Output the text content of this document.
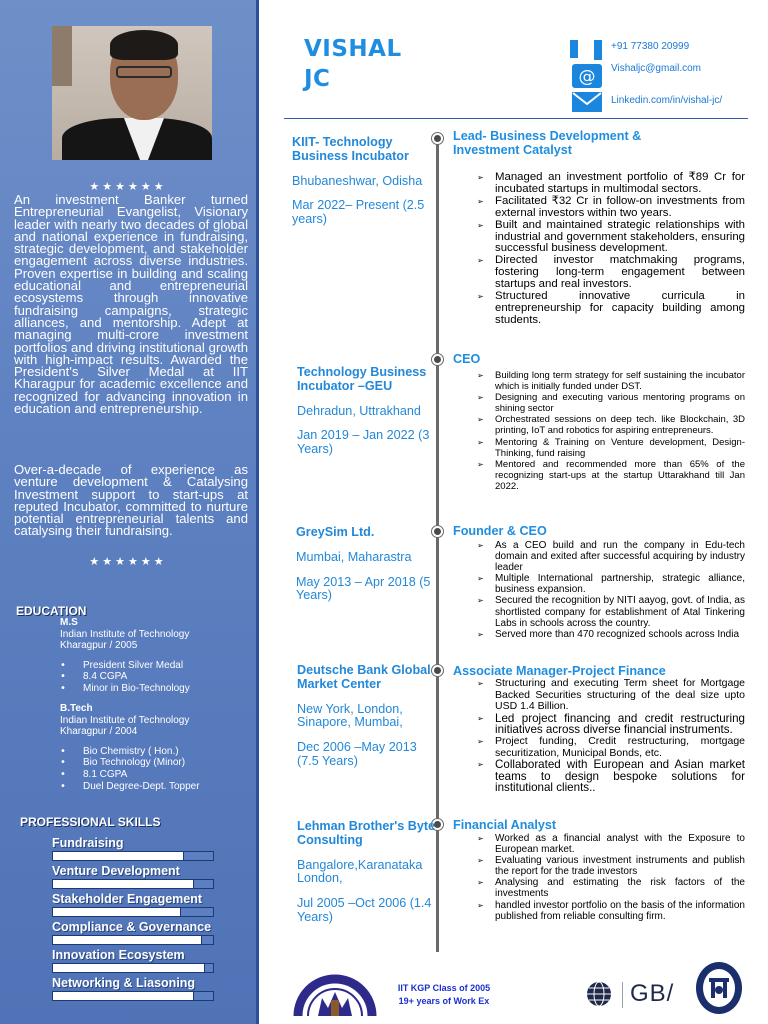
★★★★★★

An investment Banker turned Entrepreneurial Evangelist, Visionary leader with nearly two decades of global and national experience in fundraising, strategic development, and stakeholder engagement across diverse industries. Proven expertise in building and scaling educational and entrepreneurial ecosystems through innovative fundraising campaigns, strategic alliances, and mentorship. Adept at managing multi-crore investment portfolios and driving institutional growth with high-impact results. Awarded the President's Silver Medal at IIT Kharagpur for academic excellence and recognized for advancing innovation in education and entrepreneurship.

Over-a-decade of experience as venture development & Catalysing Investment support to start-ups at reputed Incubator, committed to nurture potential entrepreneurial talents and catalysing their fundraising.

★★★★★★
EDUCATION
M.S
Indian Institute of Technology
Kharagpur / 2005
• President Silver Medal
• 8.4 CGPA
• Minor in Bio-Technology
B.Tech
Indian Institute of Technology
Kharagpur / 2004
• Bio Chemistry ( Hon.)
• Bio Technology (Minor)
• 8.1 CGPA
• Duel Degree-Dept. Topper
PROFESSIONAL SKILLS
Fundraising
Venture Development
Stakeholder Engagement
Compliance & Governance
Innovation Ecosystem
Networking & Liasoning
VISHAL
JC
+91 77380 20999
@ Vishaljc@gmail.com
Linkedin.com/in/vishal-jc/
KIIT- Technology Business Incubator
Bhubaneshwar, Odisha
Mar 2022– Present (2.5 years)
Lead- Business Development & Investment Catalyst
➢ Managed an investment portfolio of ₹89 Cr for incubated startups in multimodal sectors.
➢ Facilitated ₹32 Cr in follow-on investments from external investors within two years.
➢ Built and maintained strategic relationships with industrial and government stakeholders, ensuring successful business development.
➢ Directed investor matchmaking programs, fostering long-term engagement between startups and real investors.
➢ Structured innovative curricula in entrepreneurship for capacity building among students.
Technology Business Incubator –GEU
Dehradun, Uttrakhand
Jan 2019 – Jan 2022 (3 Years)
CEO
➢ Building long term strategy for self sustaining the incubator which is initially funded under DST.
➢ Designing and executing various mentoring programs on shining sector
➢ Orchestrated sessions on deep tech. like Blockchain, 3D printing, IoT and robotics for aspiring entrepreneurs.
➢ Mentoring & Training on Venture development, Design-Thinking, fund raising
➢ Mentored and recommended more than 65% of the recognizing start-ups at the startup Uttarakhand till Jan 2022.
GreySim Ltd.
Mumbai, Maharastra
May 2013 – Apr 2018 (5 Years)
Founder & CEO
➢ As a CEO build and run the company in Edu-tech domain and exited after successful acquiring by industry leader
➢ Multiple International partnership, strategic alliance, business expansion.
➢ Secured the recognition by NITI aayog, govt. of India, as shortlisted company for establishment of Atal Tinkering Labs in schools across the country.
➢ Served more than 470 recognized schools across India
Deutsche Bank Global Market Center
New York, London, Sinapore, Mumbai,
Dec 2006 –May 2013 (7.5 Years)
Associate Manager-Project Finance
➢ Structuring and executing Term sheet for Mortgage Backed Securities structuring of the deal size upto USD 1.4 Billion.
➢ Led project financing and credit restructuring initiatives across diverse financial instruments.
➢ Project funding, Credit restructuring, mortgage securitization, Municipal Bonds, etc.
➢ Collaborated with European and Asian market teams to design bespoke solutions for institutional clients..
Lehman Brother's Byte Consulting
Bangalore,Karanataka London,
Jul 2005 –Oct 2006 (1.4 Years)
Financial Analyst
➢ Worked as a financial analyst with the Exposure to European market.
➢ Evaluating various investment instruments and publish the report for the trade investors
➢ Analysing and estimating the risk factors of the investments
➢ handled investor portfolio on the basis of the information published from reliable consulting firm.
IIT KGP Class of 2005
19+ years of Work Ex	GB/
